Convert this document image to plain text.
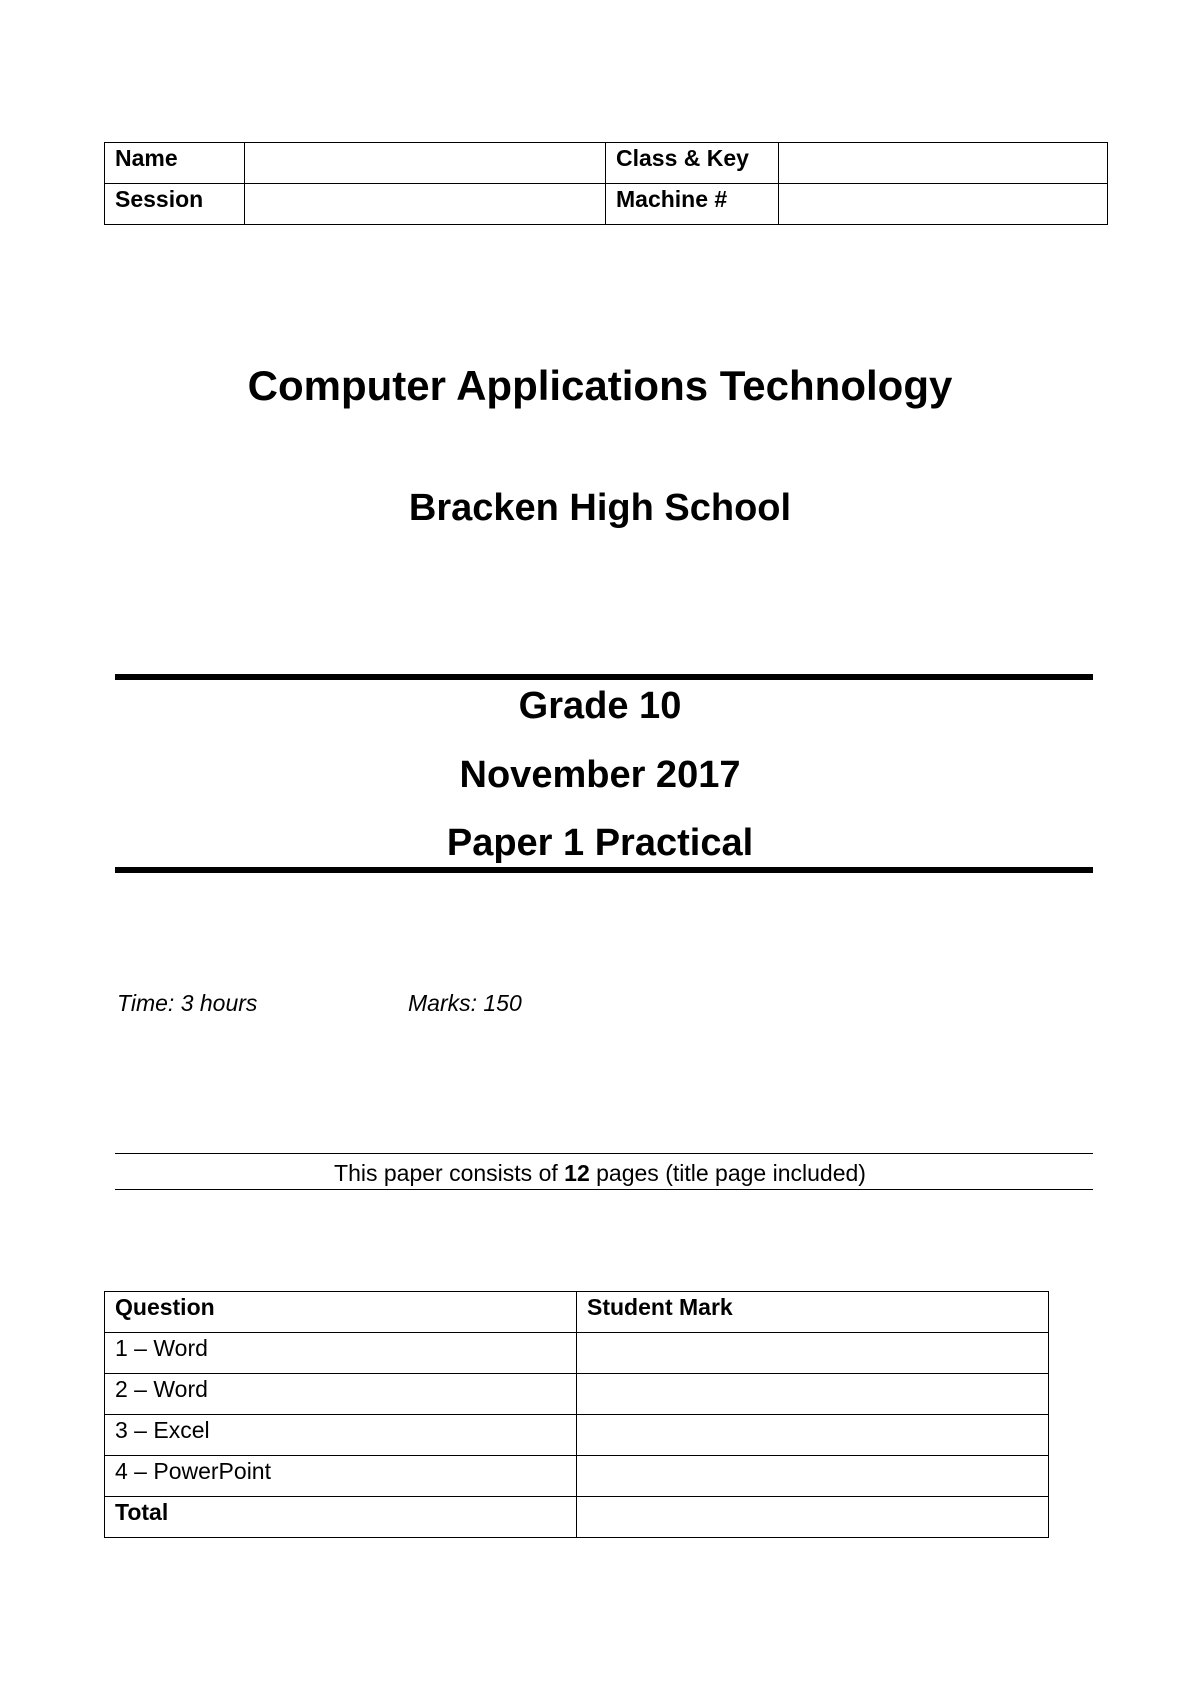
Name		Class & Key	
Session		Machine #	
Computer Applications Technology
Bracken High School
Grade 10
November 2017
Paper 1 Practical
Time: 3 hours	Marks: 150
This paper consists of 12 pages (title page included)
Question	Student Mark
1 – Word	
2 – Word	
3 – Excel	
4 – PowerPoint	
Total	
